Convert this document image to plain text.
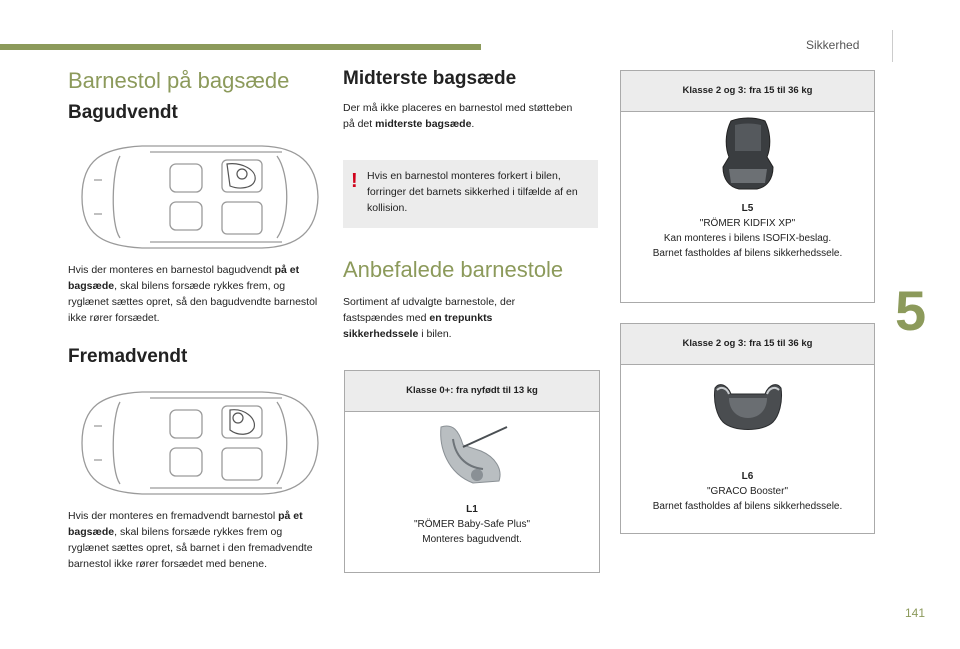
Sikkerhed
5
141
Barnestol på bagsæde
Bagudvendt
Hvis der monteres en barnestol bagudvendt på et bagsæde, skal bilens forsæde rykkes frem, og ryglænet sættes opret, så den bagudvendte barnestol ikke rører forsædet.
Fremadvendt
Hvis der monteres en fremadvendt barnestol på et bagsæde, skal bilens forsæde rykkes frem og ryglænet sættes opret, så barnet i den fremadvendte barnestol ikke rører forsædet med benene.
Midterste bagsæde
Der må ikke placeres en barnestol med støtteben på det midterste bagsæde.
! Hvis en barnestol monteres forkert i bilen, forringer det barnets sikkerhed i tilfælde af en kollision.
Anbefalede barnestole
Sortiment af udvalgte barnestole, der fastspændes med en trepunkts sikkerhedssele i bilen.
Klasse 0+: fra nyfødt til 13 kg
L1
"RÖMER Baby-Safe Plus"
Monteres bagudvendt.
Klasse 2 og 3: fra 15 til 36 kg
L5
"RÖMER KIDFIX XP"
Kan monteres i bilens ISOFIX-beslag.
Barnet fastholdes af bilens sikkerhedssele.
Klasse 2 og 3: fra 15 til 36 kg
L6
"GRACO Booster"
Barnet fastholdes af bilens sikkerhedssele.
